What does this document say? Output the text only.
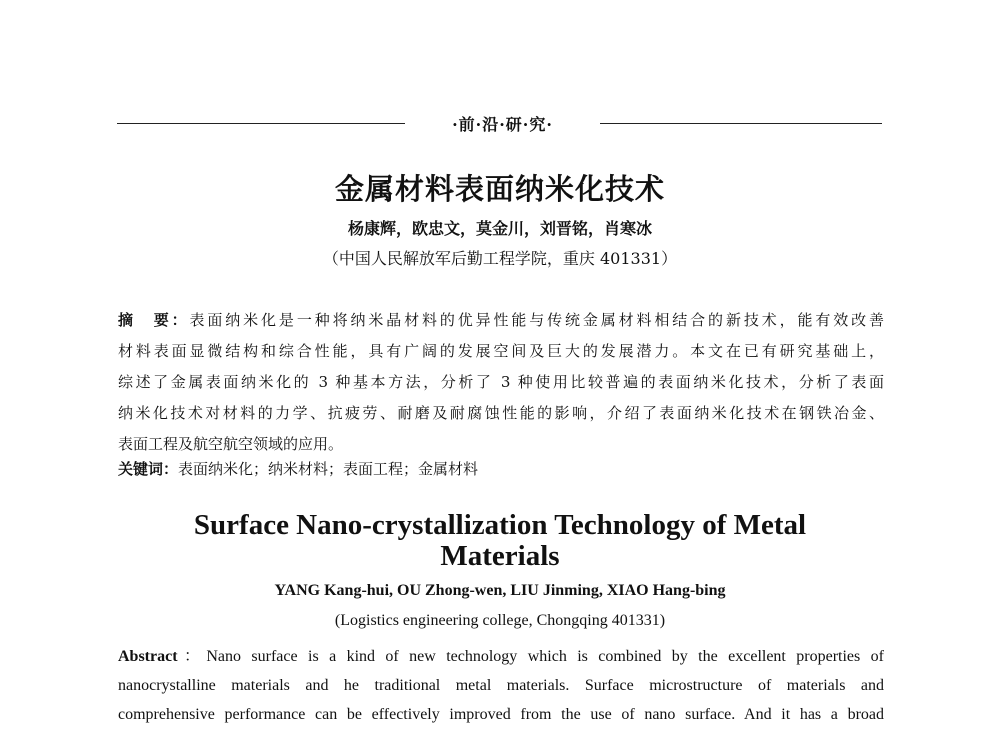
·前·沿·研·究·
金属材料表面纳米化技术
杨康辉，欧忠文，莫金川，刘晋铭，肖寒冰
（中国人民解放军后勤工程学院，重庆 401331）
摘　要：表面纳米化是一种将纳米晶材料的优异性能与传统金属材料相结合的新技术，能有效改善
材料表面显微结构和综合性能，具有广阔的发展空间及巨大的发展潜力。本文在已有研究基础上，
综述了金属表面纳米化的 3 种基本方法，分析了 3 种使用比较普遍的表面纳米化技术，分析了表面
纳米化技术对材料的力学、抗疲劳、耐磨及耐腐蚀性能的影响，介绍了表面纳米化技术在钢铁冶金、
表面工程及航空航空领域的应用。
关键词：表面纳米化；纳米材料；表面工程；金属材料
Surface Nano-crystallization Technology of Metal Materials
YANG Kang-hui, OU Zhong-wen, LIU Jinming, XIAO Hang-bing
(Logistics engineering college, Chongqing 401331)
Abstract：Nano surface is a kind of new technology which is combined by the excellent properties of
nanocrystalline materials and he traditional metal materials. Surface microstructure of materials and
comprehensive performance can be effectively improved from the use of nano surface. And it has a broad
